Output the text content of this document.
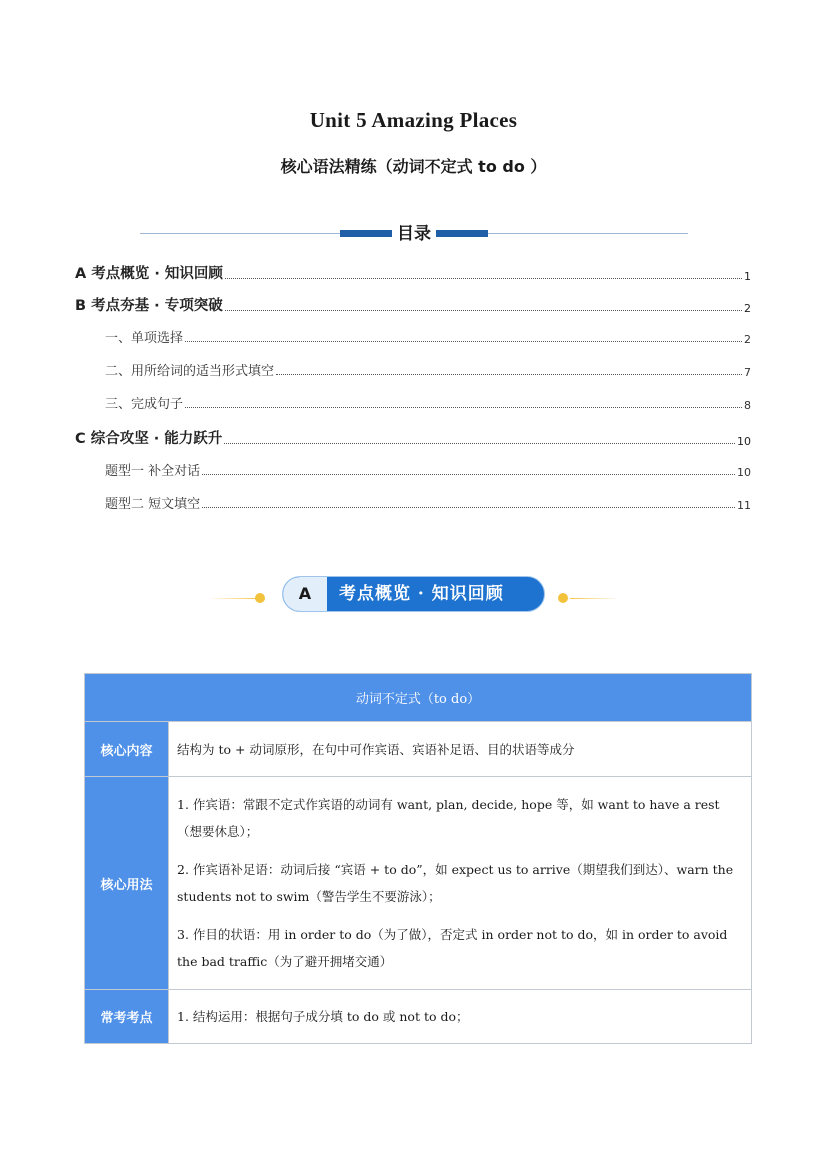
Unit 5 Amazing Places
核心语法精练（动词不定式 to do ）
目录
A 考点概览 · 知识回顾	1
B 考点夯基 · 专项突破	2
一、单项选择	2
二、用所给词的适当形式填空	7
三、完成句子	8
C 综合攻坚 · 能力跃升	10
题型一 补全对话	10
题型二 短文填空	11
A	考点概览 · 知识回顾
动词不定式（to do）	
核心内容	结构为 to + 动词原形，在句中可作宾语、宾语补足语、目的状语等成分

核心用法	1. 作宾语：常跟不定式作宾语的动词有 want, plan, decide, hope 等，如 want to have a rest（想要休息）；

2. 作宾语补足语：动词后接 “宾语 + to do”，如 expect us to arrive（期望我们到达）、warn the students not to swim（警告学生不要游泳）；

3. 作目的状语：用 in order to do（为了做），否定式 in order not to do，如 in order to avoid the bad traffic（为了避开拥堵交通）

常考考点	1. 结构运用：根据句子成分填 to do 或 not to do；
